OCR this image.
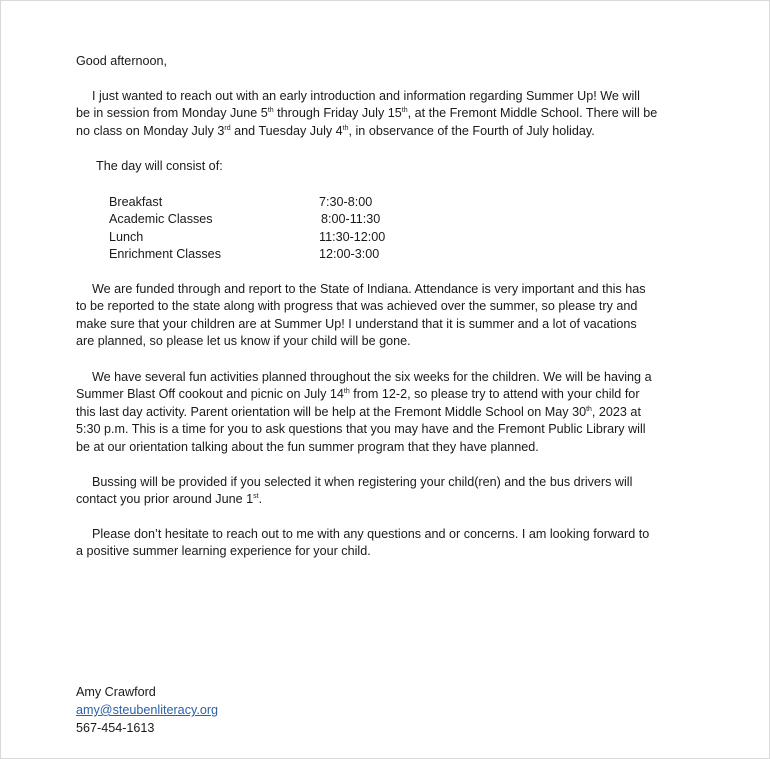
Good afternoon,
I just wanted to reach out with an early introduction and information regarding Summer Up! We will
be in session from Monday June 5th through Friday July 15th, at the Fremont Middle School. There will be
no class on Monday July 3rd and Tuesday July 4th, in observance of the Fourth of July holiday.
The day will consist of:
Breakfast	7:30-8:00
Academic Classes	8:00-11:30
Lunch	11:30-12:00
Enrichment Classes	12:00-3:00
We are funded through and report to the State of Indiana. Attendance is very important and this has
to be reported to the state along with progress that was achieved over the summer, so please try and
make sure that your children are at Summer Up! I understand that it is summer and a lot of vacations
are planned, so please let us know if your child will be gone.
We have several fun activities planned throughout the six weeks for the children. We will be having a
Summer Blast Off cookout and picnic on July 14th from 12-2, so please try to attend with your child for
this last day activity. Parent orientation will be help at the Fremont Middle School on May 30th, 2023 at
5:30 p.m. This is a time for you to ask questions that you may have and the Fremont Public Library will
be at our orientation talking about the fun summer program that they have planned.
Bussing will be provided if you selected it when registering your child(ren) and the bus drivers will
contact you prior around June 1st.
Please don’t hesitate to reach out to me with any questions and or concerns. I am looking forward to
a positive summer learning experience for your child.
Amy Crawford
amy@steubenliteracy.org
567-454-1613
